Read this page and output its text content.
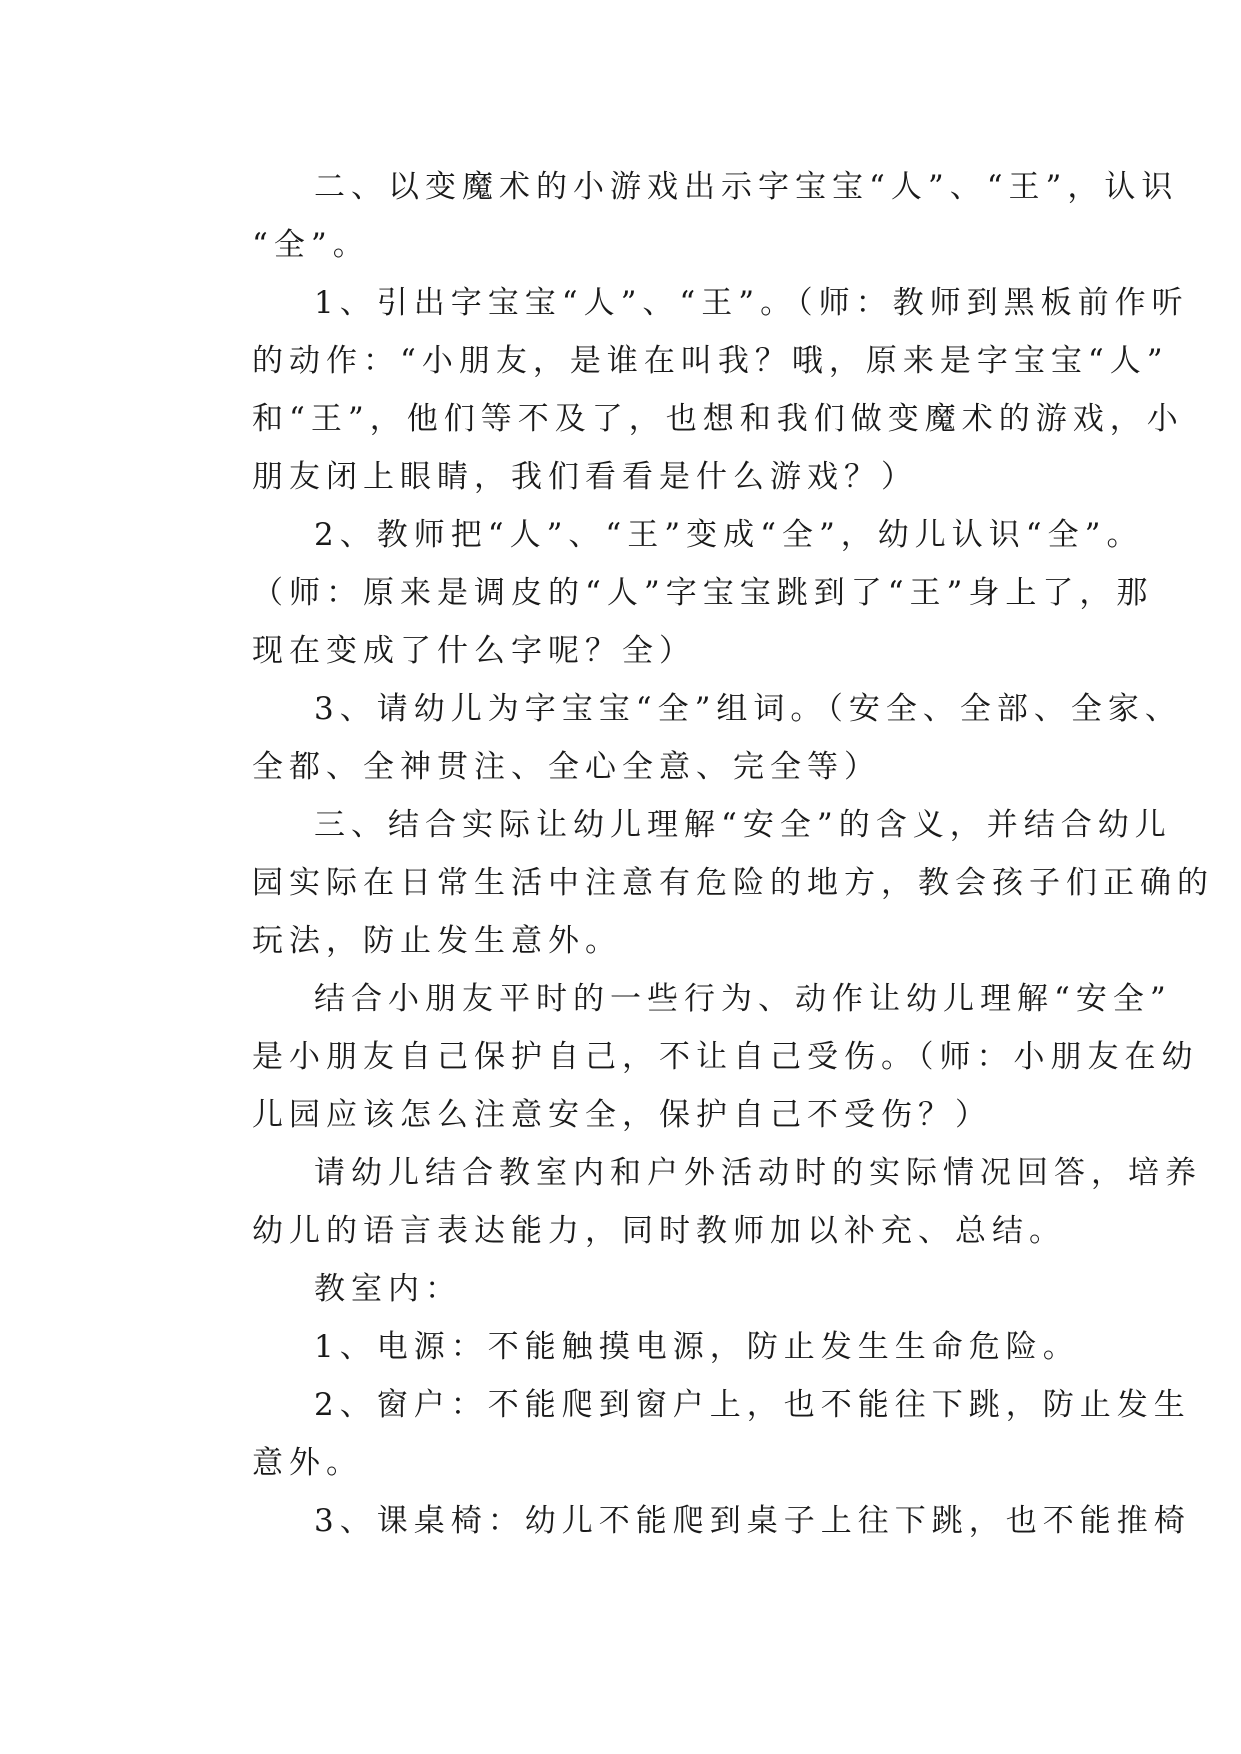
二、以变魔术的小游戏出示字宝宝“人”、“王”，认识
“全”。
1、引出字宝宝“人”、“王”。（师：教师到黑板前作听
的动作：“小朋友，是谁在叫我？哦，原来是字宝宝“人”
和“王”，他们等不及了，也想和我们做变魔术的游戏，小
朋友闭上眼睛，我们看看是什么游戏？）
2、教师把“人”、“王”变成“全”，幼儿认识“全”。
（师：原来是调皮的“人”字宝宝跳到了“王”身上了，那
现在变成了什么字呢？全）
3、请幼儿为字宝宝“全”组词。（安全、全部、全家、
全都、全神贯注、全心全意、完全等）
三、结合实际让幼儿理解“安全”的含义，并结合幼儿
园实际在日常生活中注意有危险的地方，教会孩子们正确的
玩法，防止发生意外。
结合小朋友平时的一些行为、动作让幼儿理解“安全”
是小朋友自己保护自己，不让自己受伤。（师：小朋友在幼
儿园应该怎么注意安全，保护自己不受伤？）
请幼儿结合教室内和户外活动时的实际情况回答，培养
幼儿的语言表达能力，同时教师加以补充、总结。
教室内：
1、电源：不能触摸电源，防止发生生命危险。
2、窗户：不能爬到窗户上，也不能往下跳，防止发生
意外。
3、课桌椅：幼儿不能爬到桌子上往下跳，也不能推椅
